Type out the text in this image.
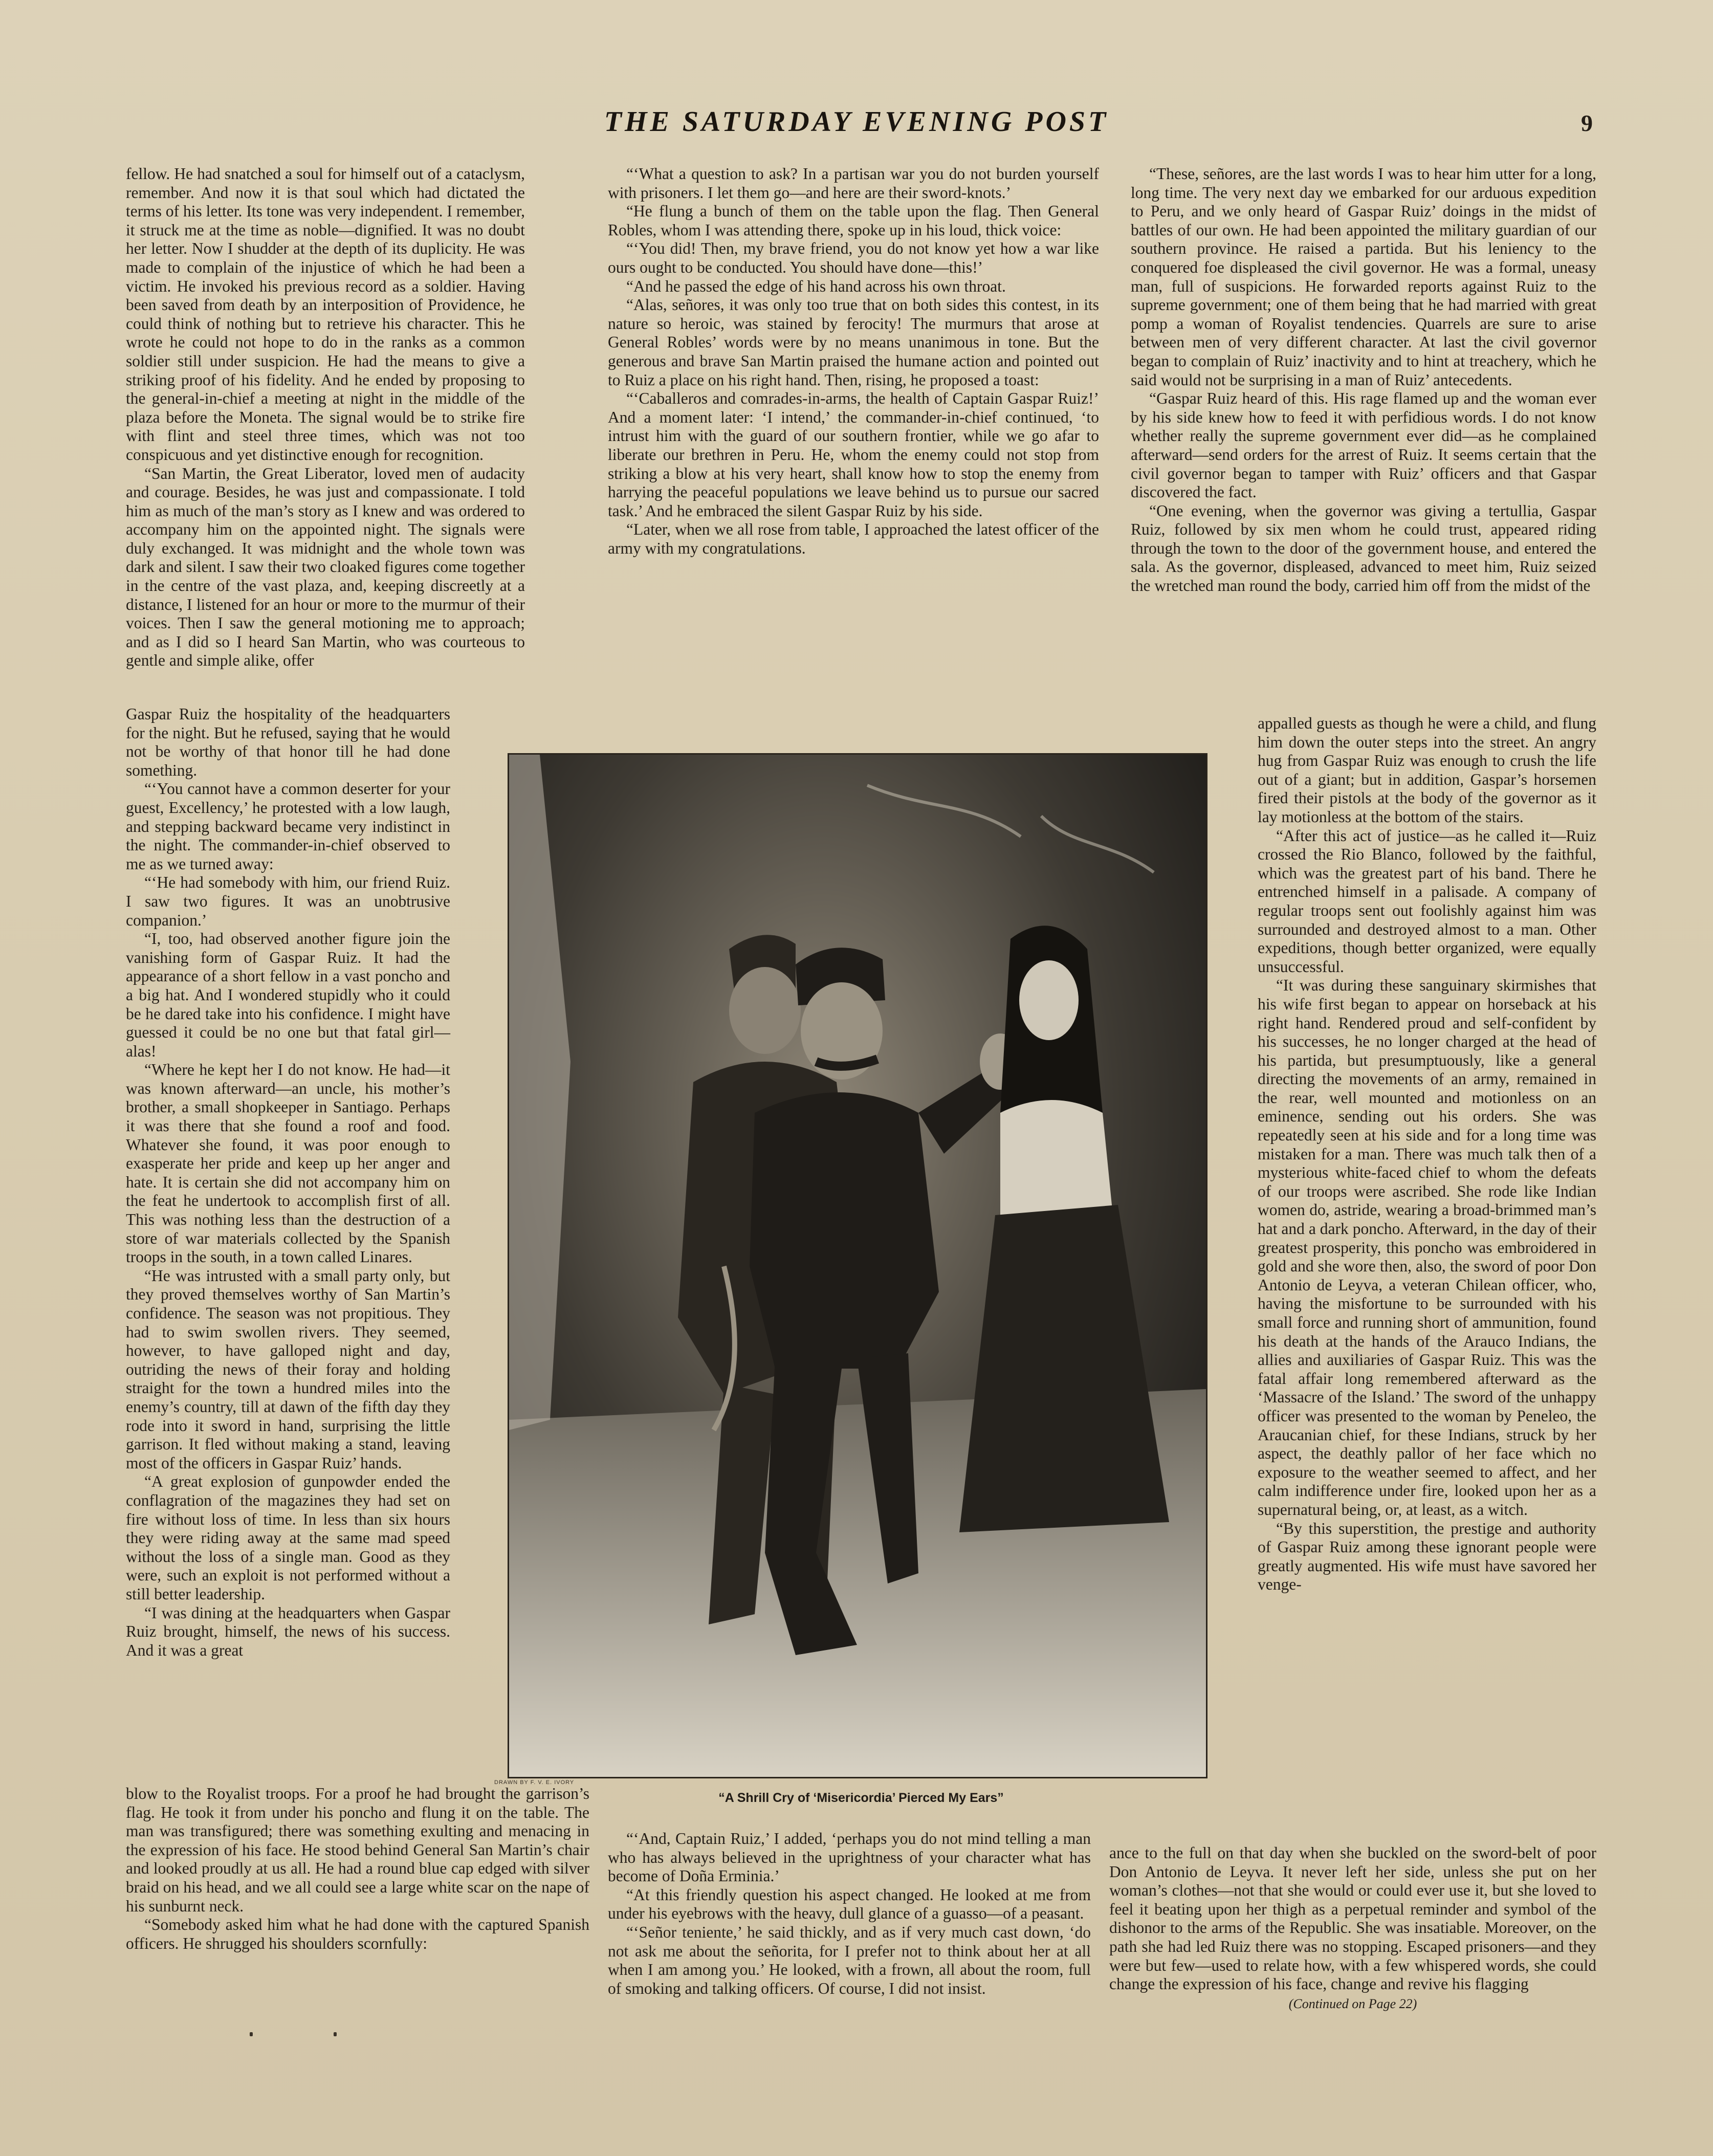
THE SATURDAY EVENING POST	9

fellow. He had snatched a soul for himself out of a cataclysm, remember. And now it is that soul which had dictated the terms of his letter. Its tone was very independent. I remember, it struck me at the time as noble—dignified. It was no doubt her letter. Now I shudder at the depth of its duplicity. He was made to complain of the injustice of which he had been a victim. He invoked his previous record as a soldier. Having been saved from death by an interposition of Providence, he could think of nothing but to retrieve his character. This he wrote he could not hope to do in the ranks as a common soldier still under suspicion. He had the means to give a striking proof of his fidelity. And he ended by proposing to the general-in-chief a meeting at night in the middle of the plaza before the Moneta. The signal would be to strike fire with flint and steel three times, which was not too conspicuous and yet distinctive enough for recognition.

“San Martin, the Great Liberator, loved men of audacity and courage. Besides, he was just and compassionate. I told him as much of the man’s story as I knew and was ordered to accompany him on the appointed night. The signals were duly exchanged. It was midnight and the whole town was dark and silent. I saw their two cloaked figures come together in the centre of the vast plaza, and, keeping discreetly at a distance, I listened for an hour or more to the murmur of their voices. Then I saw the general motioning me to approach; and as I did so I heard San Martin, who was courteous to gentle and simple alike, offer

Gaspar Ruiz the hospitality of the headquarters for the night. But he refused, saying that he would not be worthy of that honor till he had done something.

“‘You cannot have a common deserter for your guest, Excellency,’ he protested with a low laugh, and stepping backward became very indistinct in the night. The commander-in-chief observed to me as we turned away:

“‘He had somebody with him, our friend Ruiz. I saw two figures. It was an unobtrusive companion.’

“I, too, had observed another figure join the vanishing form of Gaspar Ruiz. It had the appearance of a short fellow in a vast poncho and a big hat. And I wondered stupidly who it could be he dared take into his confidence. I might have guessed it could be no one but that fatal girl—alas!

“Where he kept her I do not know. He had—it was known afterward—an uncle, his mother’s brother, a small shopkeeper in Santiago. Perhaps it was there that she found a roof and food. Whatever she found, it was poor enough to exasperate her pride and keep up her anger and hate. It is certain she did not accompany him on the feat he undertook to accomplish first of all. This was nothing less than the destruction of a store of war materials collected by the Spanish troops in the south, in a town called Linares.

“He was intrusted with a small party only, but they proved themselves worthy of San Martin’s confidence. The season was not propitious. They had to swim swollen rivers. They seemed, however, to have galloped night and day, outriding the news of their foray and holding straight for the town a hundred miles into the enemy’s country, till at dawn of the fifth day they rode into it sword in hand, surprising the little garrison. It fled without making a stand, leaving most of the officers in Gaspar Ruiz’ hands.

“A great explosion of gunpowder ended the conflagration of the magazines they had set on fire without loss of time. In less than six hours they were riding away at the same mad speed without the loss of a single man. Good as they were, such an exploit is not performed without a still better leadership.

“I was dining at the headquarters when Gaspar Ruiz brought, himself, the news of his success. And it was a great

blow to the Royalist troops. For a proof he had brought the garrison’s flag. He took it from under his poncho and flung it on the table. The man was transfigured; there was something exulting and menacing in the expression of his face. He stood behind General San Martin’s chair and looked proudly at us all. He had a round blue cap edged with silver braid on his head, and we all could see a large white scar on the nape of his sunburnt neck.

“Somebody asked him what he had done with the captured Spanish officers. He shrugged his shoulders scornfully:

“‘What a question to ask? In a partisan war you do not burden yourself with prisoners. I let them go—and here are their sword-knots.’

“He flung a bunch of them on the table upon the flag. Then General Robles, whom I was attending there, spoke up in his loud, thick voice:

“‘You did! Then, my brave friend, you do not know yet how a war like ours ought to be conducted. You should have done—this!’

“And he passed the edge of his hand across his own throat.

“Alas, señores, it was only too true that on both sides this contest, in its nature so heroic, was stained by ferocity! The murmurs that arose at General Robles’ words were by no means unanimous in tone. But the generous and brave San Martin praised the humane action and pointed out to Ruiz a place on his right hand. Then, rising, he proposed a toast:

“‘Caballeros and comrades-in-arms, the health of Captain Gaspar Ruiz!’ And a moment later: ‘I intend,’ the commander-in-chief continued, ‘to intrust him with the guard of our southern frontier, while we go afar to liberate our brethren in Peru. He, whom the enemy could not stop from striking a blow at his very heart, shall know how to stop the enemy from harrying the peaceful populations we leave behind us to pursue our sacred task.’ And he embraced the silent Gaspar Ruiz by his side.

“Later, when we all rose from table, I approached the latest officer of the army with my congratulations.

DRAWN BY F. V. E. IVORY
“A Shrill Cry of ‘Misericordia’ Pierced My Ears”

“‘And, Captain Ruiz,’ I added, ‘perhaps you do not mind telling a man who has always believed in the uprightness of your character what has become of Doña Erminia.’

“At this friendly question his aspect changed. He looked at me from under his eyebrows with the heavy, dull glance of a guasso—of a peasant.

“‘Señor teniente,’ he said thickly, and as if very much cast down, ‘do not ask me about the señorita, for I prefer not to think about her at all when I am among you.’ He looked, with a frown, all about the room, full of smoking and talking officers. Of course, I did not insist.

“These, señores, are the last words I was to hear him utter for a long, long time. The very next day we embarked for our arduous expedition to Peru, and we only heard of Gaspar Ruiz’ doings in the midst of battles of our own. He had been appointed the military guardian of our southern province. He raised a partida. But his leniency to the conquered foe displeased the civil governor. He was a formal, uneasy man, full of suspicions. He forwarded reports against Ruiz to the supreme government; one of them being that he had married with great pomp a woman of Royalist tendencies. Quarrels are sure to arise between men of very different character. At last the civil governor began to complain of Ruiz’ inactivity and to hint at treachery, which he said would not be surprising in a man of Ruiz’ antecedents.

“Gaspar Ruiz heard of this. His rage flamed up and the woman ever by his side knew how to feed it with perfidious words. I do not know whether really the supreme government ever did—as he complained afterward—send orders for the arrest of Ruiz. It seems certain that the civil governor began to tamper with Ruiz’ officers and that Gaspar discovered the fact.

“One evening, when the governor was giving a tertullia, Gaspar Ruiz, followed by six men whom he could trust, appeared riding through the town to the door of the government house, and entered the sala. As the governor, displeased, advanced to meet him, Ruiz seized the wretched man round the body, carried him off from the midst of the

appalled guests as though he were a child, and flung him down the outer steps into the street. An angry hug from Gaspar Ruiz was enough to crush the life out of a giant; but in addition, Gaspar’s horsemen fired their pistols at the body of the governor as it lay motionless at the bottom of the stairs.

“After this act of justice—as he called it—Ruiz crossed the Rio Blanco, followed by the faithful, which was the greatest part of his band. There he entrenched himself in a palisade. A company of regular troops sent out foolishly against him was surrounded and destroyed almost to a man. Other expeditions, though better organized, were equally unsuccessful.

“It was during these sanguinary skirmishes that his wife first began to appear on horseback at his right hand. Rendered proud and self-confident by his successes, he no longer charged at the head of his partida, but presumptuously, like a general directing the movements of an army, remained in the rear, well mounted and motionless on an eminence, sending out his orders. She was repeatedly seen at his side and for a long time was mistaken for a man. There was much talk then of a mysterious white-faced chief to whom the defeats of our troops were ascribed. She rode like Indian women do, astride, wearing a broad-brimmed man’s hat and a dark poncho. Afterward, in the day of their greatest prosperity, this poncho was embroidered in gold and she wore then, also, the sword of poor Don Antonio de Leyva, a veteran Chilean officer, who, having the misfortune to be surrounded with his small force and running short of ammunition, found his death at the hands of the Arauco Indians, the allies and auxiliaries of Gaspar Ruiz. This was the fatal affair long remembered afterward as the ‘Massacre of the Island.’ The sword of the unhappy officer was presented to the woman by Peneleo, the Araucanian chief, for these Indians, struck by her aspect, the deathly pallor of her face which no exposure to the weather seemed to affect, and her calm indifference under fire, looked upon her as a supernatural being, or, at least, as a witch.

“By this superstition, the prestige and authority of Gaspar Ruiz among these ignorant people were greatly augmented. His wife must have savored her venge-

ance to the full on that day when she buckled on the sword-belt of poor Don Antonio de Leyva. It never left her side, unless she put on her woman’s clothes—not that she would or could ever use it, but she loved to feel it beating upon her thigh as a perpetual reminder and symbol of the dishonor to the arms of the Republic. She was insatiable. Moreover, on the path she had led Ruiz there was no stopping. Escaped prisoners—and they were but few—used to relate how, with a few whispered words, she could change the expression of his face, change and revive his flagging

(Continued on Page 22)
